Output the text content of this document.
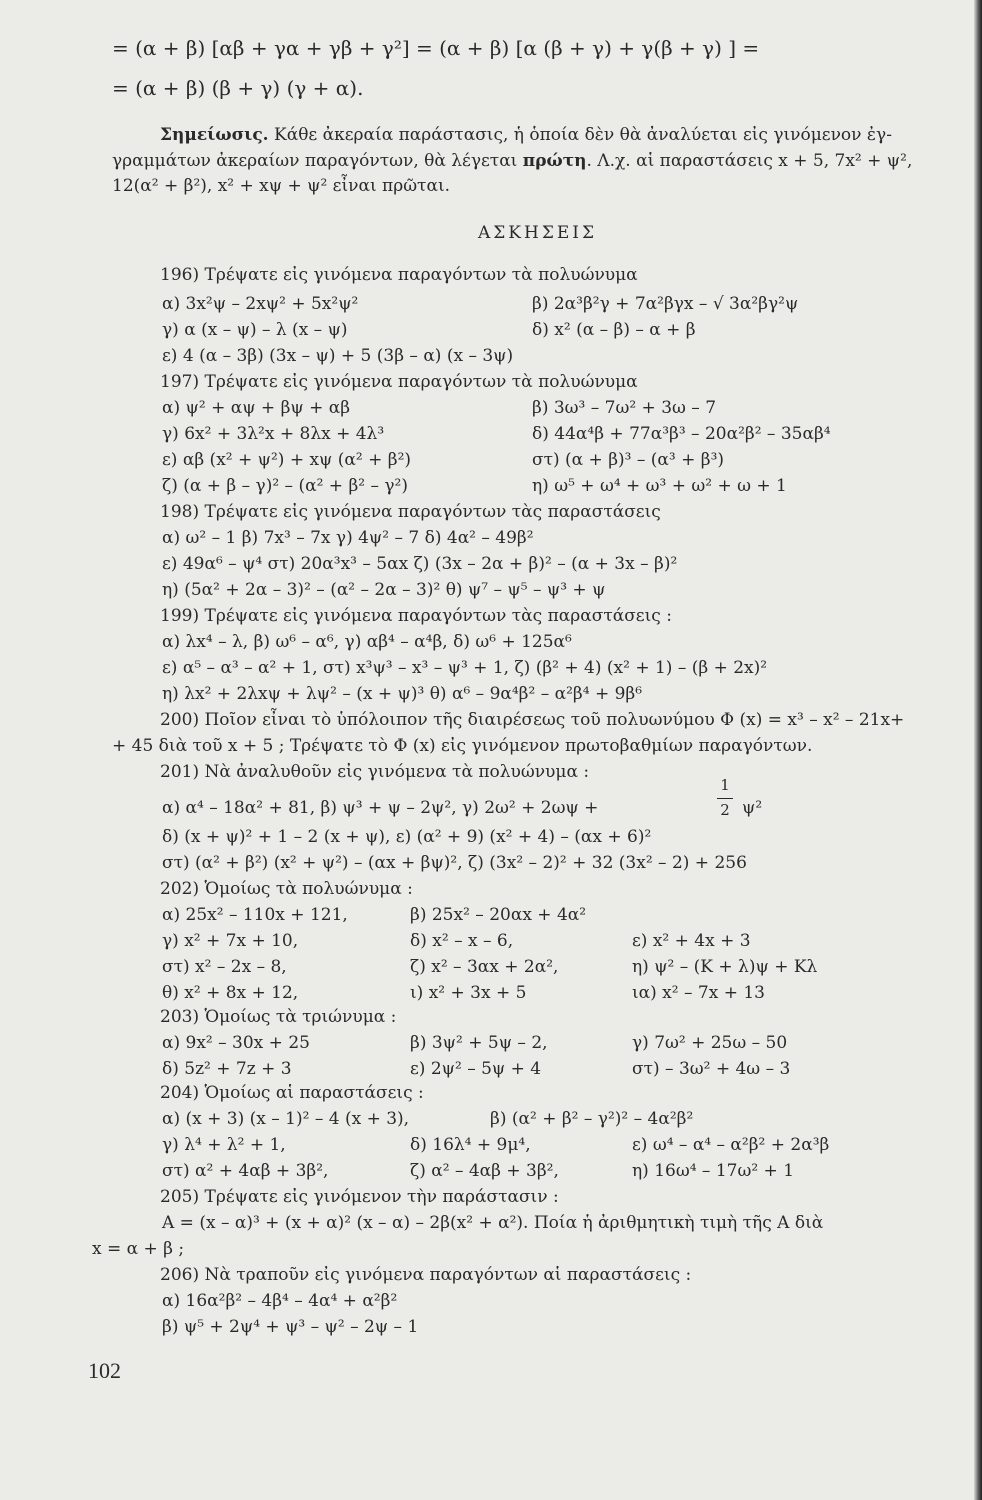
= (α + β) [αβ + γα + γβ + γ²] = (α + β) [α (β + γ) + γ(β + γ) ] =
= (α + β) (β + γ) (γ + α).
Σημείωσις. Κάθε ἀκεραία παράστασις, ἡ ὁποία δὲν θὰ ἀναλύεται εἰς γινόμενον ἐγ-
γραμμάτων ἀκεραίων παραγόντων, θὰ λέγεται πρώτη. Λ.χ. αἱ παραστάσεις x + 5, 7x² + ψ²,
12(α² + β²), x² + xψ + ψ² εἶναι πρῶται.
ΑΣΚΗΣΕΙΣ
196) Τρέψατε εἰς γινόμενα παραγόντων τὰ πολυώνυμα
α) 3x²ψ – 2xψ² + 5x²ψ²	β) 2α³β²γ + 7α²βγx – √ 3α²βγ²ψ
γ) α (x – ψ) – λ (x – ψ)	δ) x² (α – β) – α + β
ε) 4 (α – 3β) (3x – ψ) + 5 (3β – α) (x – 3ψ)
197) Τρέψατε εἰς γινόμενα παραγόντων τὰ πολυώνυμα
α) ψ² + αψ + βψ + αβ	β) 3ω³ – 7ω² + 3ω – 7
γ) 6x² + 3λ²x + 8λx + 4λ³	δ) 44α⁴β + 77α³β³ – 20α²β² – 35αβ⁴
ε) αβ (x² + ψ²) + xψ (α² + β²)	στ) (α + β)³ – (α³ + β³)
ζ) (α + β – γ)² – (α² + β² – γ²)	η) ω⁵ + ω⁴ + ω³ + ω² + ω + 1
198) Τρέψατε εἰς γινόμενα παραγόντων τὰς παραστάσεις
α) ω² – 1 β) 7x³ – 7x γ) 4ψ² – 7 δ) 4α² – 49β²
ε) 49α⁶ – ψ⁴ στ) 20α³x³ – 5αx ζ) (3x – 2α + β)² – (α + 3x – β)²
η) (5α² + 2α – 3)² – (α² – 2α – 3)² θ) ψ⁷ – ψ⁵ – ψ³ + ψ
199) Τρέψατε εἰς γινόμενα παραγόντων τὰς παραστάσεις :
α) λx⁴ – λ, β) ω⁶ – α⁶, γ) αβ⁴ – α⁴β, δ) ω⁶ + 125α⁶
ε) α⁵ – α³ – α² + 1, στ) x³ψ³ – x³ – ψ³ + 1, ζ) (β² + 4) (x² + 1) – (β + 2x)²
η) λx² + 2λxψ + λψ² – (x + ψ)³ θ) α⁶ – 9α⁴β² – α²β⁴ + 9β⁶
200) Ποῖον εἶναι τὸ ὑπόλοιπον τῆς διαιρέσεως τοῦ πολυωνύμου Φ (x) = x³ – x² – 21x+
+ 45 διὰ τοῦ x + 5 ; Τρέψατε τὸ Φ (x) εἰς γινόμενον πρωτοβαθμίων παραγόντων.
201) Νὰ ἀναλυθοῦν εἰς γινόμενα τὰ πολυώνυμα :
α) α⁴ – 18α² + 81, β) ψ³ + ψ – 2ψ², γ) 2ω² + 2ωψ +
1
2 ψ²
δ) (x + ψ)² + 1 – 2 (x + ψ), ε) (α² + 9) (x² + 4) – (αx + 6)²
στ) (α² + β²) (x² + ψ²) – (αx + βψ)², ζ) (3x² – 2)² + 32 (3x² – 2) + 256
202) Ὁμοίως τὰ πολυώνυμα :
α) 25x² – 110x + 121,	β) 25x² – 20αx + 4α²
γ) x² + 7x + 10,	δ) x² – x – 6,	ε) x² + 4x + 3
στ) x² – 2x – 8,	ζ) x² – 3αx + 2α²,	η) ψ² – (Κ + λ)ψ + Κλ
θ) x² + 8x + 12,	ι) x² + 3x + 5	ια) x² – 7x + 13
203) Ὁμοίως τὰ τριώνυμα :
α) 9x² – 30x + 25	β) 3ψ² + 5ψ – 2,	γ) 7ω² + 25ω – 50
δ) 5z² + 7z + 3	ε) 2ψ² – 5ψ + 4	στ) – 3ω² + 4ω – 3
204) Ὁμοίως αἱ παραστάσεις :
α) (x + 3) (x – 1)² – 4 (x + 3),	β) (α² + β² – γ²)² – 4α²β²
γ) λ⁴ + λ² + 1,	δ) 16λ⁴ + 9μ⁴,	ε) ω⁴ – α⁴ – α²β² + 2α³β
στ) α² + 4αβ + 3β²,	ζ) α² – 4αβ + 3β²,	η) 16ω⁴ – 17ω² + 1
205) Τρέψατε εἰς γινόμενον τὴν παράστασιν :
A = (x – α)³ + (x + α)² (x – α) – 2β(x² + α²). Ποία ἡ ἀριθμητικὴ τιμὴ τῆς Α διὰ
x = α + β ;
206) Νὰ τραποῦν εἰς γινόμενα παραγόντων αἱ παραστάσεις :
α) 16α²β² – 4β⁴ – 4α⁴ + α²β²
β) ψ⁵ + 2ψ⁴ + ψ³ – ψ² – 2ψ – 1
102
